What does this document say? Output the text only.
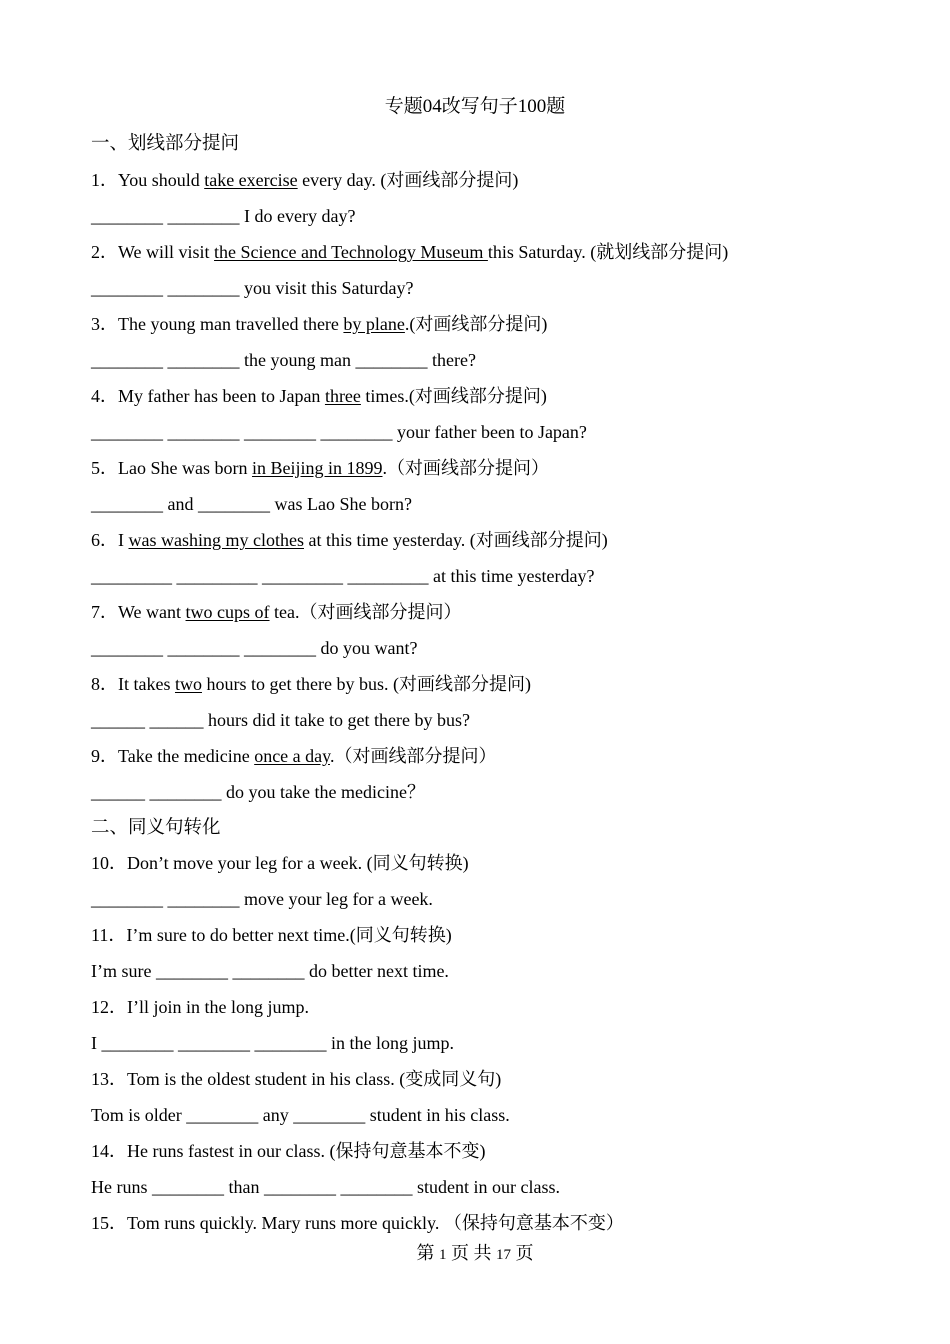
专题04改写句子100题
一、划线部分提问
1．You should take exercise every day. (对画线部分提问)
________ ________ I do every day?
2．We will visit the Science and Technology Museum this Saturday. (就划线部分提问)
________ ________ you visit this Saturday?
3．The young man travelled there by plane.(对画线部分提问)
________ ________ the young man ________ there?
4．My father has been to Japan three times.(对画线部分提问)
________ ________ ________ ________ your father been to Japan?
5．Lao She was born in Beijing in 1899.（对画线部分提问）
________ and ________ was Lao She born?
6．I was washing my clothes at this time yesterday. (对画线部分提问)
_________ _________ _________ _________ at this time yesterday?
7．We want two cups of tea.（对画线部分提问）
________ ________ ________ do you want?
8．It takes two hours to get there by bus. (对画线部分提问)
______ ______ hours did it take to get there by bus?
9．Take the medicine once a day.（对画线部分提问）
______ ________ do you take the medicine？
二、同义句转化
10．Don’t move your leg for a week. (同义句转换)
________ ________ move your leg for a week.
11．I’m sure to do better next time.(同义句转换)
I’m sure ________ ________ do better next time.
12．I’ll join in the long jump.
I ________ ________ ________ in the long jump.
13．Tom is the oldest student in his class. (变成同义句)
Tom is older ________ any ________ student in his class.
14．He runs fastest in our class. (保持句意基本不变)
He runs ________ than ________ ________ student in our class.
15．Tom runs quickly. Mary runs more quickly. （保持句意基本不变）
第 1 页 共 17 页
